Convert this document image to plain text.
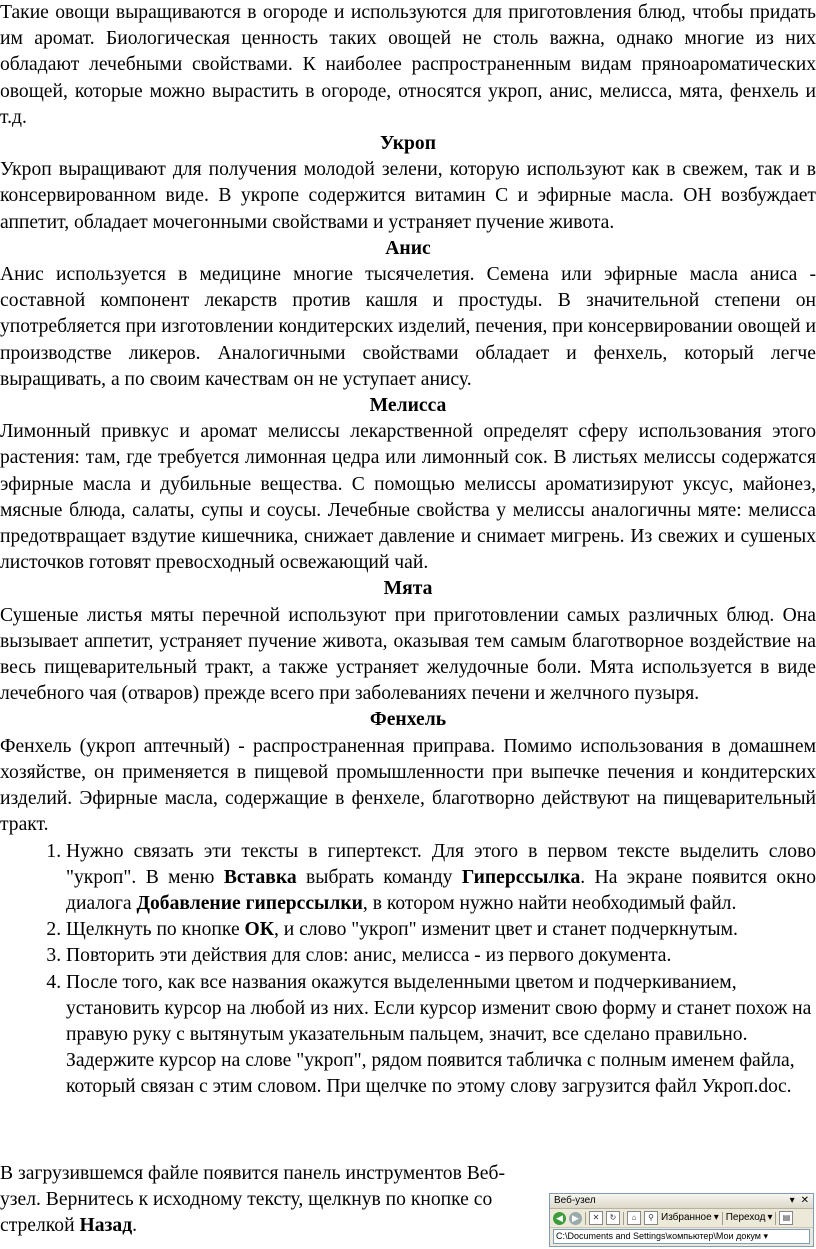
Такие овощи выращиваются в огороде и используются для приготовления блюд, чтобы придать им аромат. Биологическая ценность таких овощей не столь важна, однако многие из них обладают лечебными свойствами. К наиболее распространенным видам пряноароматических овощей, которые можно вырастить в огороде, относятся укроп, анис, мелисса, мята, фенхель и т.д.

Укроп

Укроп выращивают для получения молодой зелени, которую используют как в свежем, так и в консервированном виде. В укропе содержится витамин С и эфирные масла. ОН возбуждает аппетит, обладает мочегонными свойствами и устраняет пучение живота.

Анис

Анис используется в медицине многие тысячелетия. Семена или эфирные масла аниса - составной компонент лекарств против кашля и простуды. В значительной степени он употребляется при изготовлении кондитерских изделий, печения, при консервировании овощей и производстве ликеров. Аналогичными свойствами обладает и фенхель, который легче выращивать, а по своим качествам он не уступает анису.

Мелисса

Лимонный привкус и аромат мелиссы лекарственной определят сферу использования этого растения: там, где требуется лимонная цедра или лимонный сок. В листьях мелиссы содержатся эфирные масла и дубильные вещества. С помощью мелиссы ароматизируют уксус, майонез, мясные блюда, салаты, супы и соусы. Лечебные свойства у мелиссы аналогичны мяте: мелисса предотвращает вздутие кишечника, снижает давление и снимает мигрень. Из свежих и сушеных листочков готовят превосходный освежающий чай.

Мята

Сушеные листья мяты перечной используют при приготовлении самых различных блюд. Она вызывает аппетит, устраняет пучение живота, оказывая тем самым благотворное воздействие на весь пищеварительный тракт, а также устраняет желудочные боли. Мята используется в виде лечебного чая (отваров) прежде всего при заболеваниях печени и желчного пузыря.

Фенхель

Фенхель (укроп аптечный) - распространенная приправа. Помимо использования в домашнем хозяйстве, он применяется в пищевой промышленности при выпечке печения и кондитерских изделий. Эфирные масла, содержащие в фенхеле, благотворно действуют на пищеварительный тракт.

1. Нужно связать эти тексты в гипертекст. Для этого в первом тексте выделить слово "укроп". В меню Вставка выбрать команду Гиперссылка. На экране появится окно диалога Добавление гиперссылки, в котором нужно найти необходимый файл.
2. Щелкнуть по кнопке ОК, и слово "укроп" изменит цвет и станет подчеркнутым.
3. Повторить эти действия для слов: анис, мелисса - из первого документа.
4. После того, как все названия окажутся выделенными цветом и подчеркиванием, установить курсор на любой из них. Если курсор изменит свою форму и станет похож на правую руку с вытянутым указательным пальцем, значит, все сделано правильно. Задержите курсор на слове "укроп", рядом появится табличка с полным именем файла, который связан с этим словом. При щелчке по этому слову загрузится файл Укроп.doc.

В загрузившемся файле появится панель инструментов Веб-узел. Вернитесь к исходному тексту, щелкнув по кнопке со стрелкой Назад.

Веб-узел	▾ ✕
◀	▶	✕	↻	⌂	⚲ Избранное ▾ Переход ▾	▤
C:\Documents and Settings\компьютер\Мои докум ▾
